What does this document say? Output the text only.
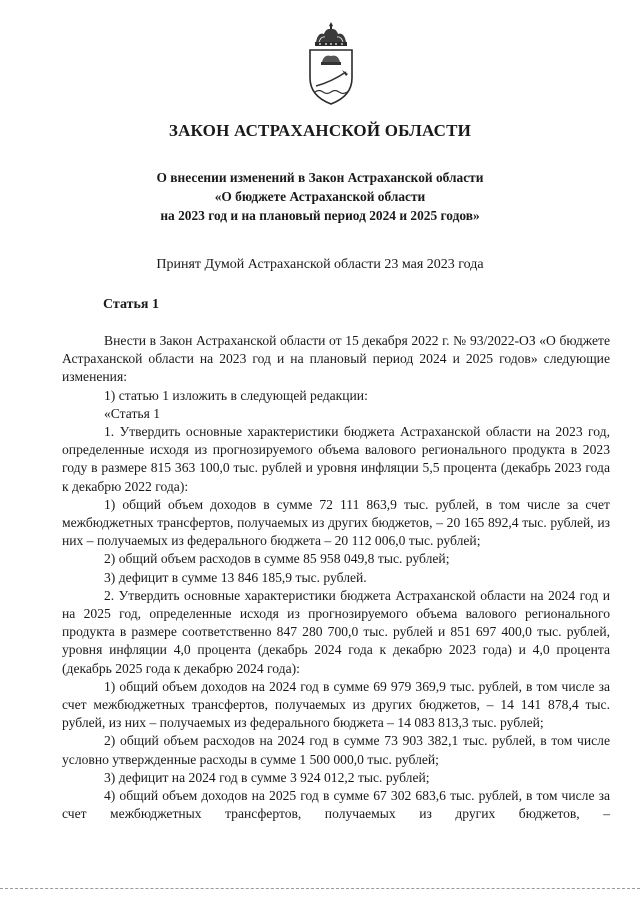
ЗАКОН АСТРАХАНСКОЙ ОБЛАСТИ
О внесении изменений в Закон Астраханской области
«О бюджете Астраханской области
на 2023 год и на плановый период 2024 и 2025 годов»
Принят Думой Астраханской области 23 мая 2023 года
Статья 1

Внести в Закон Астраханской области от 15 декабря 2022 г. № 93/2022-ОЗ «О бюджете Астраханской области на 2023 год и на плановый период 2024 и 2025 годов» следующие изменения:

1) статью 1 изложить в следующей редакции:

«Статья 1

1. Утвердить основные характеристики бюджета Астраханской области на 2023 год, определенные исходя из прогнозируемого объема валового регионального продукта в 2023 году в размере 815 363 100,0 тыс. рублей и уровня инфляции 5,5 процента (декабрь 2023 года к декабрю 2022 года):

1) общий объем доходов в сумме 72 111 863,9 тыс. рублей, в том числе за счет межбюджетных трансфертов, получаемых из других бюджетов, – 20 165 892,4 тыс. рублей, из них – получаемых из федерального бюджета – 20 112 006,0 тыс. рублей;

2) общий объем расходов в сумме 85 958 049,8 тыс. рублей;

3) дефицит в сумме 13 846 185,9 тыс. рублей.

2. Утвердить основные характеристики бюджета Астраханской области на 2024 год и на 2025 год, определенные исходя из прогнозируемого объема валового регионального продукта в размере соответственно 847 280 700,0 тыс. рублей и 851 697 400,0 тыс. рублей, уровня инфляции 4,0 процента (декабрь 2024 года к декабрю 2023 года) и 4,0 процента (декабрь 2025 года к декабрю 2024 года):

1) общий объем доходов на 2024 год в сумме 69 979 369,9 тыс. рублей, в том числе за счет межбюджетных трансфертов, получаемых из других бюджетов, – 14 141 878,4 тыс. рублей, из них – получаемых из федерального бюджета – 14 083 813,3 тыс. рублей;

2) общий объем расходов на 2024 год в сумме 73 903 382,1 тыс. рублей, в том числе условно утвержденные расходы в сумме 1 500 000,0 тыс. рублей;

3) дефицит на 2024 год в сумме 3 924 012,2 тыс. рублей;

4) общий объем доходов на 2025 год в сумме 67 302 683,6 тыс. рублей, в том числе за счет межбюджетных трансфертов, получаемых из других бюджетов, –
